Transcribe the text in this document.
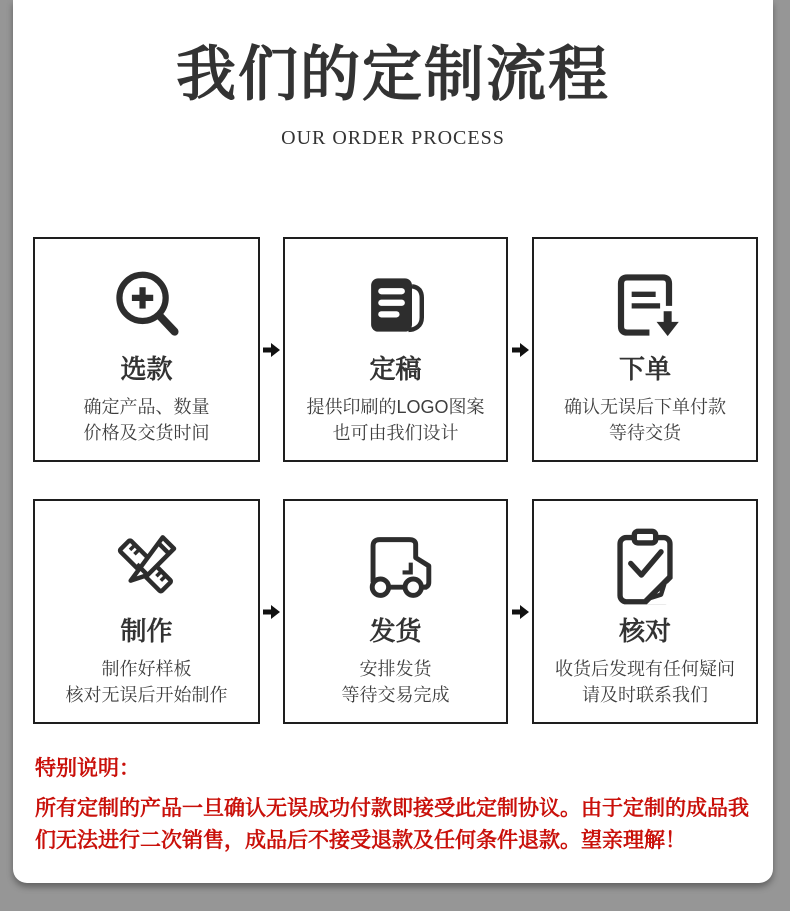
我们的定制流程
OUR ORDER PROCESS
选款
确定产品、数量
价格及交货时间
定稿
提供印刷的LOGO图案
也可由我们设计
下单
确认无误后下单付款
等待交货
制作
制作好样板
核对无误后开始制作
发货
安排发货
等待交易完成
核对
收货后发现有任何疑问
请及时联系我们
特别说明：
所有定制的产品一旦确认无误成功付款即接受此定制协议。由于定制的成品我们无法进行二次销售，成品后不接受退款及任何条件退款。望亲理解！
